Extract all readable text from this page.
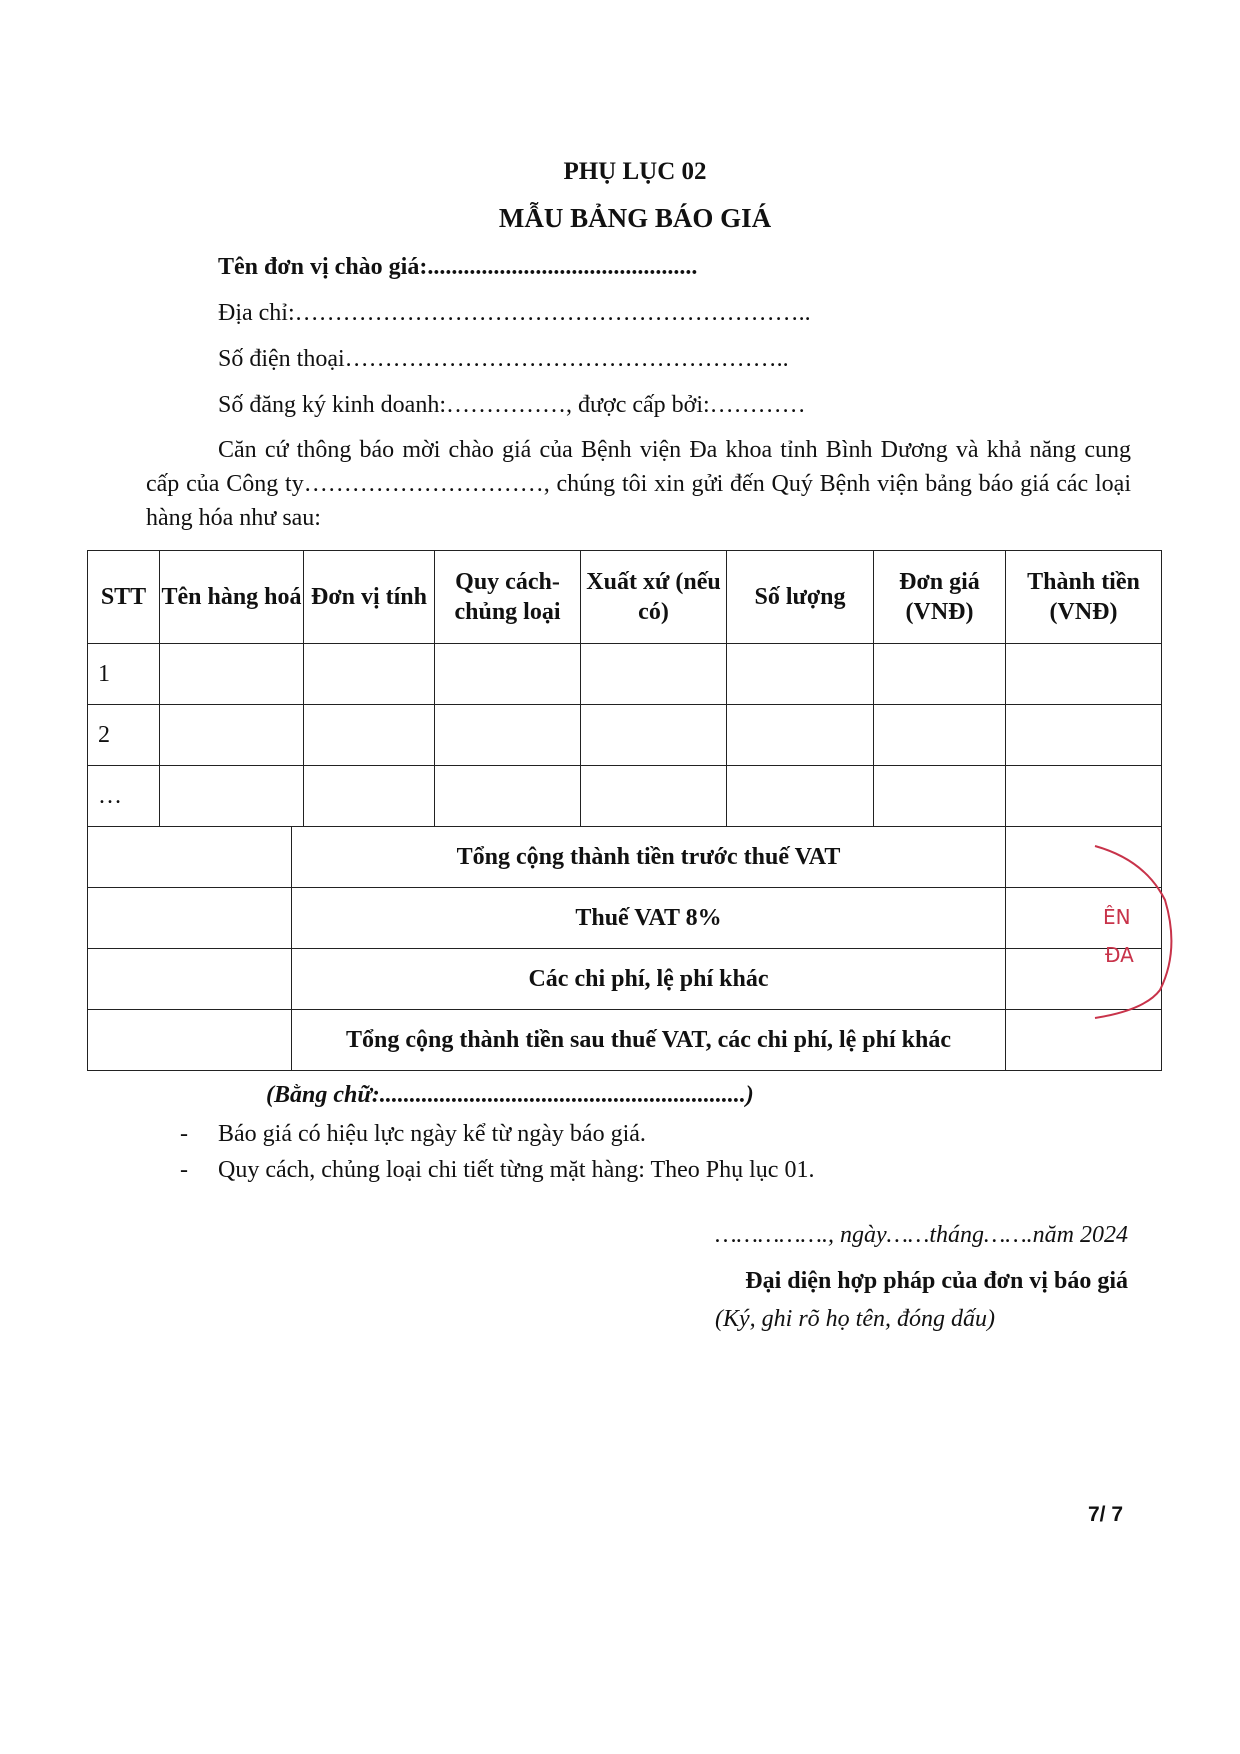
PHỤ LỤC 02
MẪU BẢNG BÁO GIÁ
Tên đơn vị chào giá:.............................................
Địa chỉ:………………………………………………………..
Số điện thoại………………………………………………..
Số đăng ký kinh doanh:……………, được cấp bởi:…………
Căn cứ thông báo mời chào giá của Bệnh viện Đa khoa tỉnh Bình Dương và khả năng cung cấp của Công ty…………………………, chúng tôi xin gửi đến Quý Bệnh viện bảng báo giá các loại hàng hóa như sau:
STT	Tên hàng hoá	Đơn vị tính	Quy cách- chủng loại	Xuất xứ (nếu có)	Số lượng	Đơn giá (VNĐ)	Thành tiền (VNĐ)
1							
2							
…							
	Tổng cộng thành tiền trước thuế VAT	
	Thuế VAT 8%	
	Các chi phí, lệ phí khác	
	Tổng cộng thành tiền sau thuế VAT, các chi phí, lệ phí khác	
ÊN
ĐA
(Bằng chữ:.............................................................)
- Báo giá có hiệu lực ngày kể từ ngày báo giá.
- Quy cách, chủng loại chi tiết từng mặt hàng: Theo Phụ lục 01.
……………., ngày……tháng…….năm 2024
Đại diện hợp pháp của đơn vị báo giá
(Ký, ghi rõ họ tên, đóng dấu)
7/ 7
